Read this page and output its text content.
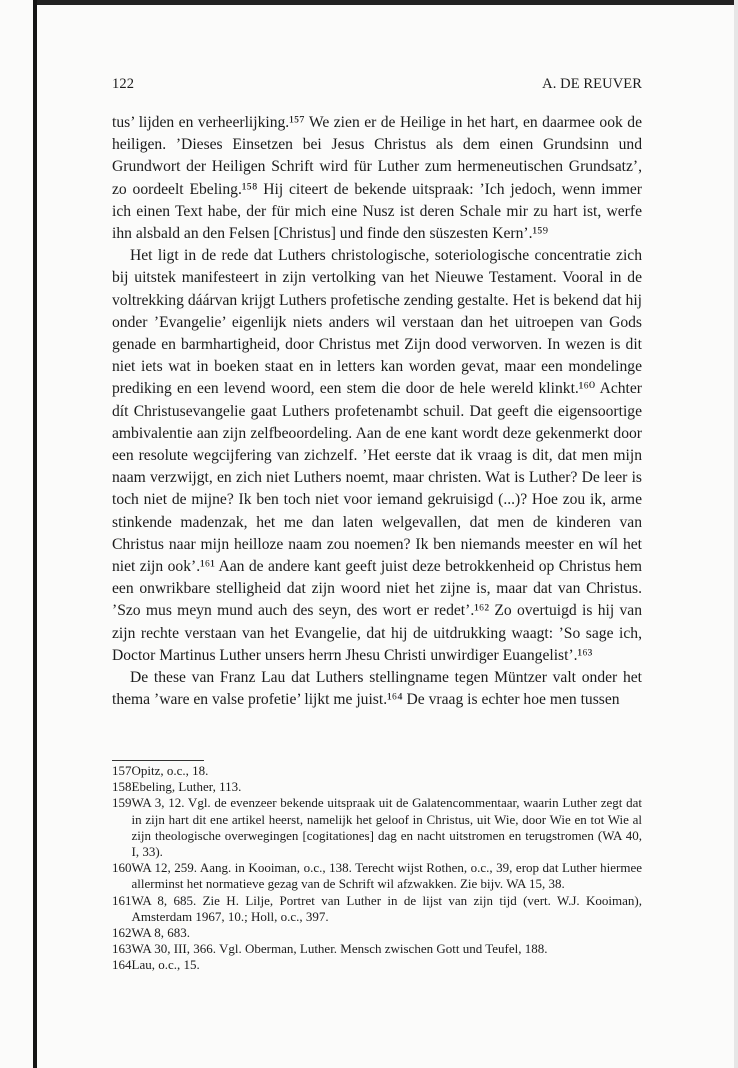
122	A. DE REUVER

tus’ lijden en verheerlijking.¹⁵⁷ We zien er de Heilige in het hart, en daarmee ook de heiligen. ’Dieses Einsetzen bei Jesus Christus als dem einen Grundsinn und Grundwort der Heiligen Schrift wird für Luther zum hermeneutischen Grundsatz’, zo oordeelt Ebeling.¹⁵⁸ Hij citeert de bekende uitspraak: ’Ich jedoch, wenn immer ich einen Text habe, der für mich eine Nusz ist deren Schale mir zu hart ist, werfe ihn alsbald an den Felsen [Christus] und finde den süszesten Kern’.¹⁵⁹

Het ligt in de rede dat Luthers christologische, soteriologische concentratie zich bij uitstek manifesteert in zijn vertolking van het Nieuwe Testament. Vooral in de voltrekking dáárvan krijgt Luthers profetische zending gestalte. Het is bekend dat hij onder ’Evangelie’ eigenlijk niets anders wil verstaan dan het uitroepen van Gods genade en barmhartigheid, door Christus met Zijn dood verworven. In wezen is dit niet iets wat in boeken staat en in letters kan worden gevat, maar een mondelinge prediking en een levend woord, een stem die door de hele wereld klinkt.¹⁶⁰ Achter dít Christusevangelie gaat Luthers profetenambt schuil. Dat geeft die eigensoortige ambivalentie aan zijn zelfbeoordeling. Aan de ene kant wordt deze gekenmerkt door een resolute wegcijfering van zichzelf. ’Het eerste dat ik vraag is dit, dat men mijn naam verzwijgt, en zich niet Luthers noemt, maar christen. Wat is Luther? De leer is toch niet de mijne? Ik ben toch niet voor iemand gekruisigd (...)? Hoe zou ik, arme stinkende madenzak, het me dan laten welgevallen, dat men de kinderen van Christus naar mijn heilloze naam zou noemen? Ik ben niemands meester en wíl het niet zijn ook’.¹⁶¹ Aan de andere kant geeft juist deze betrokkenheid op Christus hem een onwrikbare stelligheid dat zijn woord niet het zijne is, maar dat van Christus. ’Szo mus meyn mund auch des seyn, des wort er redet’.¹⁶² Zo overtuigd is hij van zijn rechte verstaan van het Evangelie, dat hij de uitdrukking waagt: ’So sage ich, Doctor Martinus Luther unsers herrn Jhesu Christi unwirdiger Euangelist’.¹⁶³

De these van Franz Lau dat Luthers stellingname tegen Müntzer valt onder het thema ’ware en valse profetie’ lijkt me juist.¹⁶⁴ De vraag is echter hoe men tussen

157 Opitz, o.c., 18.
158 Ebeling, Luther, 113.
159 WA 3, 12. Vgl. de evenzeer bekende uitspraak uit de Galatencommentaar, waarin Luther zegt dat in zijn hart dit ene artikel heerst, namelijk het geloof in Christus, uit Wie, door Wie en tot Wie al zijn theologische overwegingen [cogitationes] dag en nacht uitstromen en terugstromen (WA 40, I, 33).
160 WA 12, 259. Aang. in Kooiman, o.c., 138. Terecht wijst Rothen, o.c., 39, erop dat Luther hiermee allerminst het normatieve gezag van de Schrift wil afzwakken. Zie bijv. WA 15, 38.
161 WA 8, 685. Zie H. Lilje, Portret van Luther in de lijst van zijn tijd (vert. W.J. Kooiman), Amsterdam 1967, 10.; Holl, o.c., 397.
162 WA 8, 683.
163 WA 30, III, 366. Vgl. Oberman, Luther. Mensch zwischen Gott und Teufel, 188.
164 Lau, o.c., 15.
